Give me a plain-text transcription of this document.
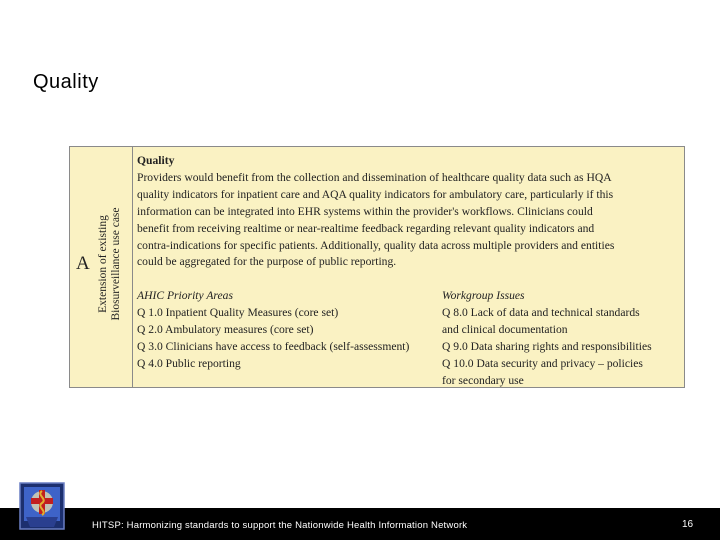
Quality
A Extension of existing Biosurveillance use case
Quality
Providers would benefit from the collection and dissemination of healthcare quality data such as HQA
quality indicators for inpatient care and AQA quality indicators for ambulatory care, particularly if this
information can be integrated into EHR systems within the provider's workflows. Clinicians could
benefit from receiving realtime or near-realtime feedback regarding relevant quality indicators and
contra-indications for specific patients. Additionally, quality data across multiple providers and entities
could be aggregated for the purpose of public reporting.
AHIC Priority Areas
Q 1.0 Inpatient Quality Measures (core set)
Q 2.0 Ambulatory measures (core set)
Q 3.0 Clinicians have access to feedback (self-assessment)
Q 4.0 Public reporting
Workgroup Issues
Q 8.0 Lack of data and technical standards
and clinical documentation
Q 9.0 Data sharing rights and responsibilities
Q 10.0 Data security and privacy – policies
for secondary use
HITSP: Harmonizing standards to support the Nationwide Health Information Network	16
